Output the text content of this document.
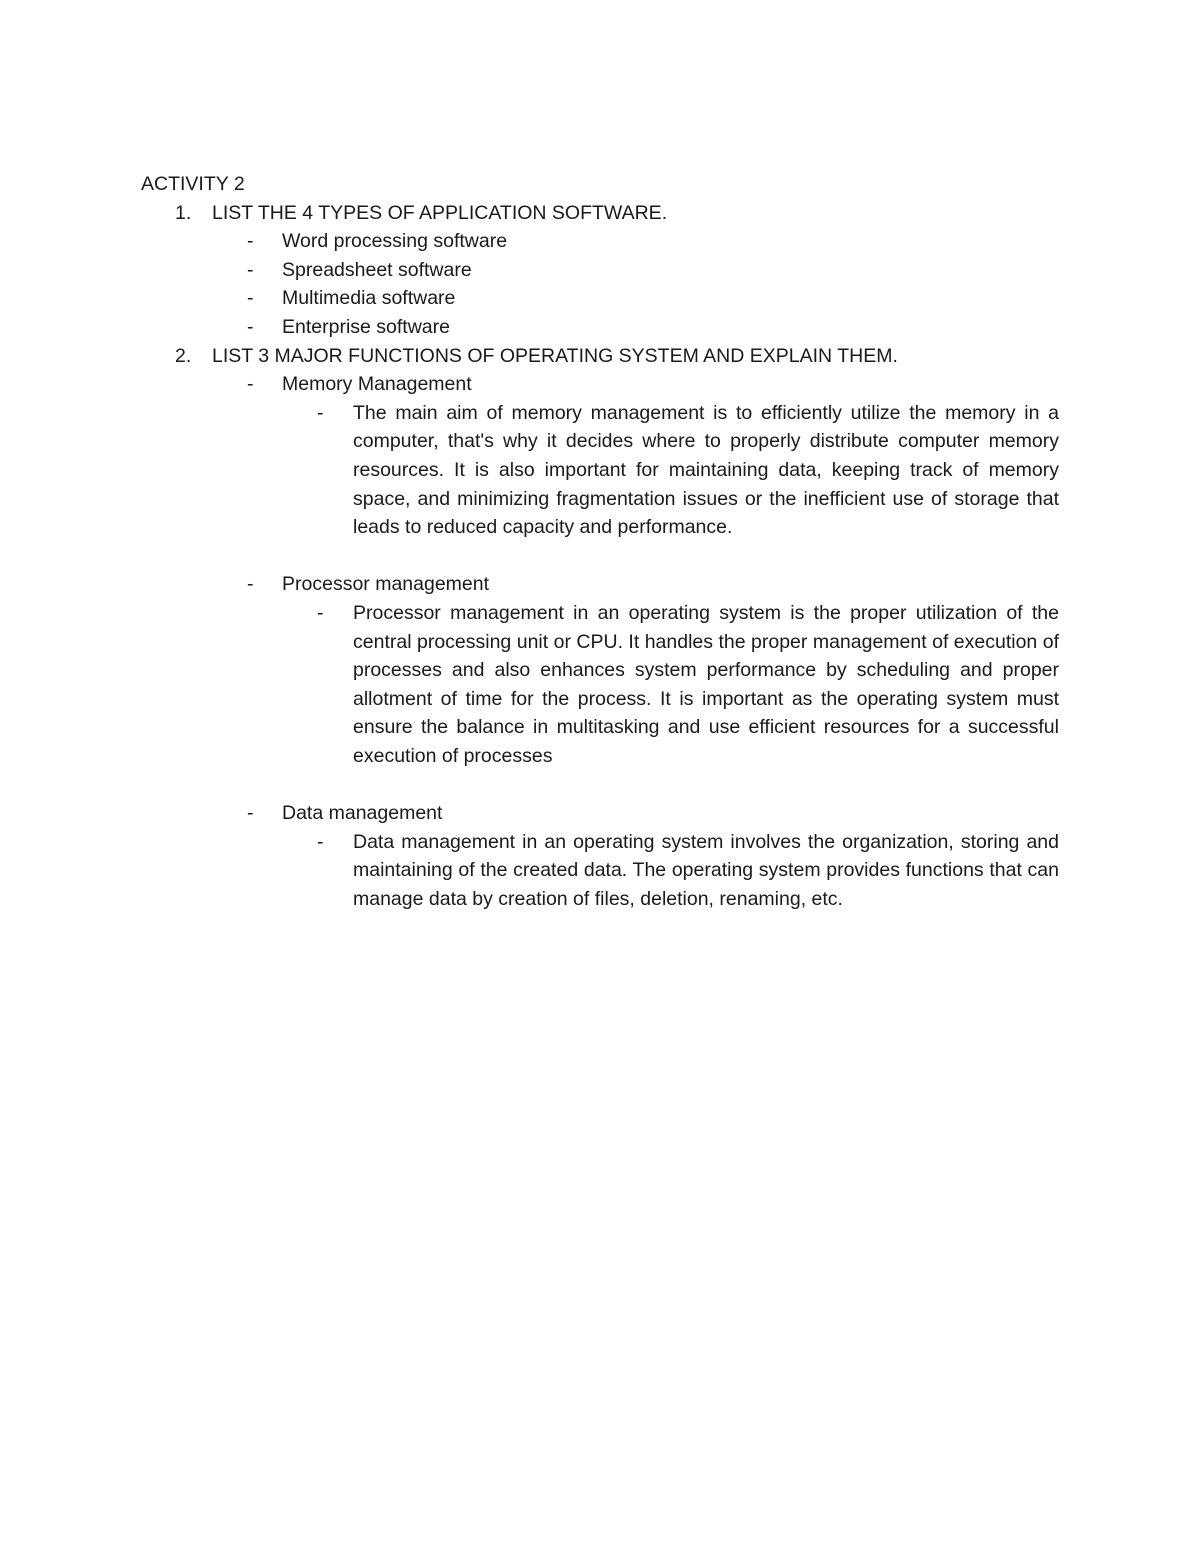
ACTIVITY 2
1. LIST THE 4 TYPES OF APPLICATION SOFTWARE.
- Word processing software
- Spreadsheet software
- Multimedia software
- Enterprise software
2. LIST 3 MAJOR FUNCTIONS OF OPERATING SYSTEM AND EXPLAIN THEM.
- Memory Management
- The main aim of memory management is to efficiently utilize the memory in a computer, that's why it decides where to properly distribute computer memory resources. It is also important for maintaining data, keeping track of memory space, and minimizing fragmentation issues or the inefficient use of storage that leads to reduced capacity and performance.
- Processor management
- Processor management in an operating system is the proper utilization of the central processing unit or CPU. It handles the proper management of execution of processes and also enhances system performance by scheduling and proper allotment of time for the process. It is important as the operating system must ensure the balance in multitasking and use efficient resources for a successful execution of processes
- Data management
- Data management in an operating system involves the organization, storing and maintaining of the created data. The operating system provides functions that can manage data by creation of files, deletion, renaming, etc.
